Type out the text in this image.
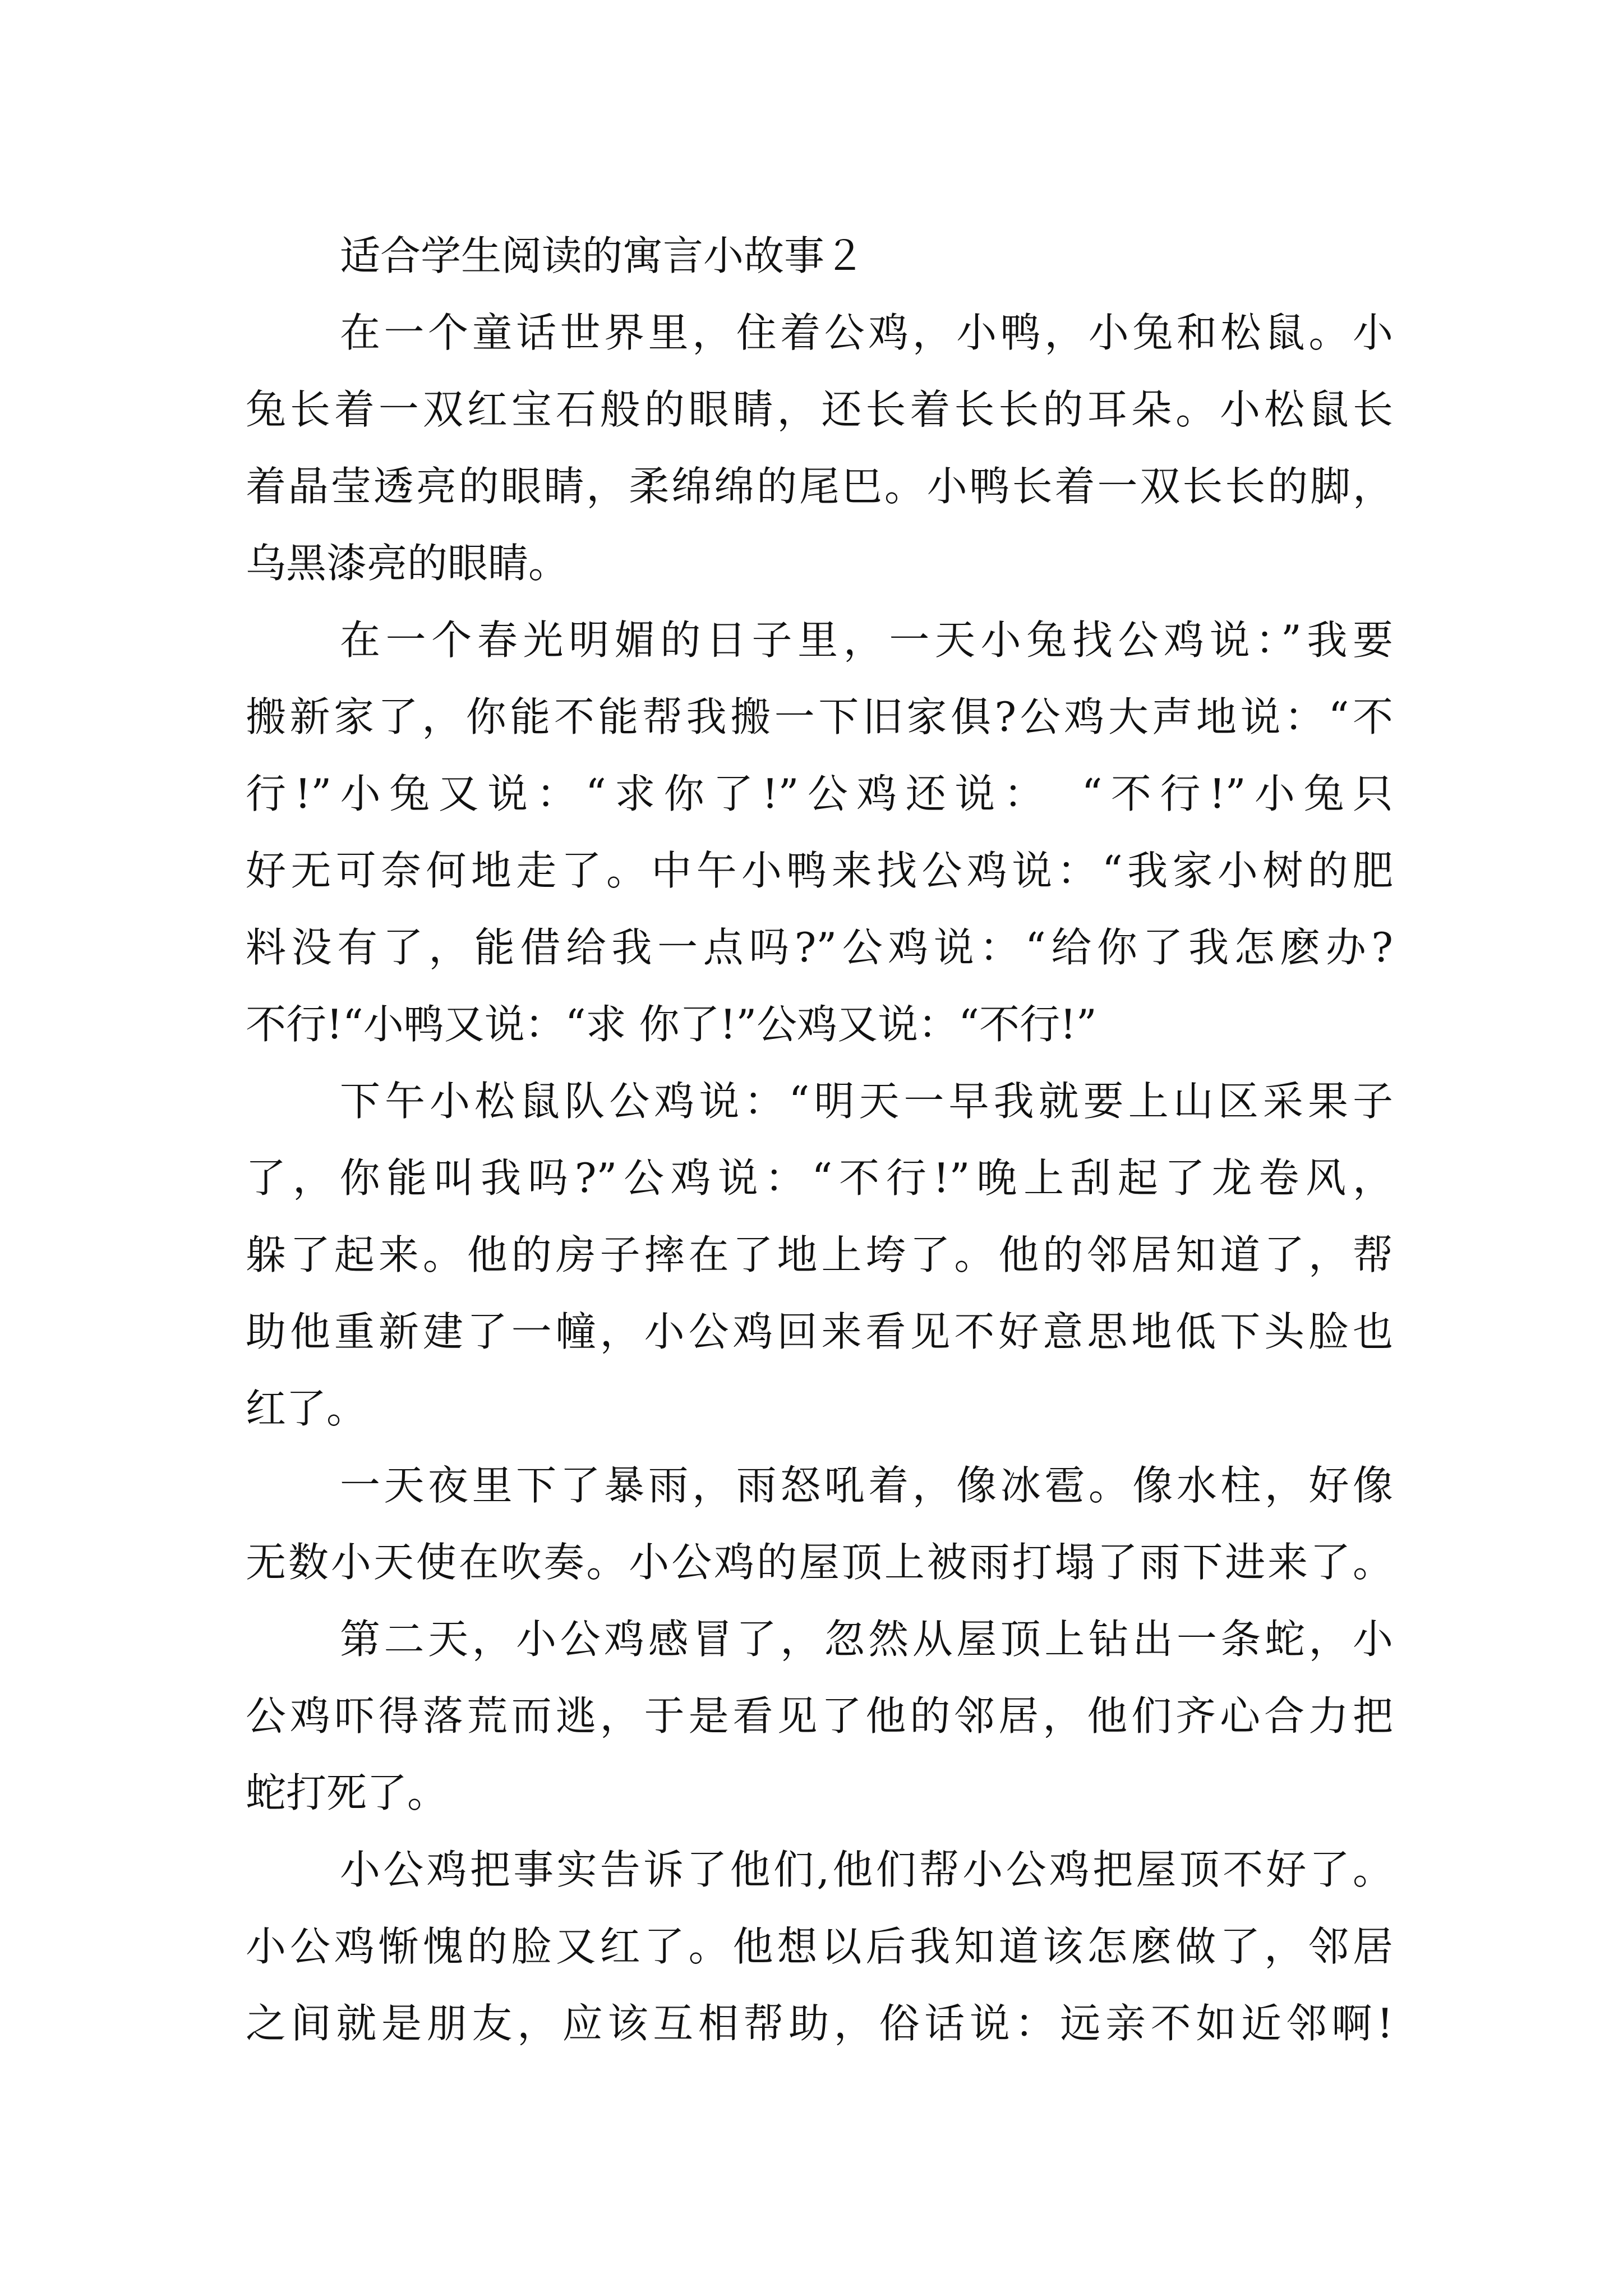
适合学生阅读的寓言小故事２
在一个童话世界里，住着公鸡，小鸭，小兔和松鼠。小
兔长着一双红宝石般的眼睛，还长着长长的耳朵。小松鼠长
着晶莹透亮的眼睛，柔绵绵的尾巴。小鸭长着一双长长的脚，
乌黑漆亮的眼睛。
在一个春光明媚的日子里，一天小兔找公鸡说：”我要
搬新家了，你能不能帮我搬一下旧家俱?公鸡大声地说：“不
行!”小兔又说：“求你了!”公鸡还说：　“不行!”小兔只
好无可奈何地走了。中午小鸭来找公鸡说：“我家小树的肥
料没有了，能借给我一点吗?”公鸡说：“给你了我怎麽办?
不行!“小鸭又说：“求 你了!”公鸡又说：“不行!”
下午小松鼠队公鸡说：“明天一早我就要上山区采果子
了，你能叫我吗?”公鸡说：“不行!”晚上刮起了龙卷风，
躲了起来。他的房子摔在了地上垮了。他的邻居知道了，帮
助他重新建了一幢，小公鸡回来看见不好意思地低下头脸也
红了。
一天夜里下了暴雨，雨怒吼着，像冰雹。像水柱，好像
无数小天使在吹奏。小公鸡的屋顶上被雨打塌了雨下进来了。
第二天，小公鸡感冒了，忽然从屋顶上钻出一条蛇，小
公鸡吓得落荒而逃，于是看见了他的邻居，他们齐心合力把
蛇打死了。
小公鸡把事实告诉了他们,他们帮小公鸡把屋顶不好了。
小公鸡惭愧的脸又红了。他想以后我知道该怎麽做了，邻居
之间就是朋友，应该互相帮助，俗话说：远亲不如近邻啊!
